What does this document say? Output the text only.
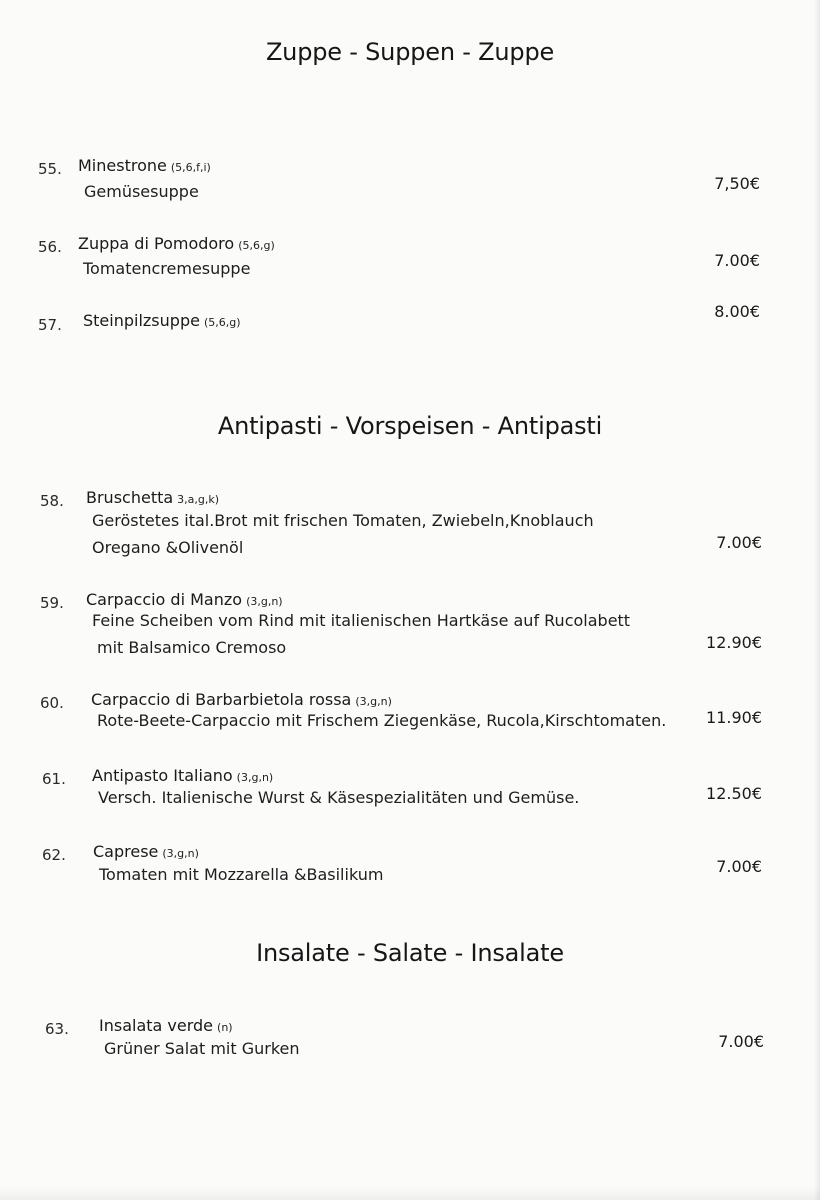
Zuppe - Suppen - Zuppe
55. Minestrone (5,6,f,i)
Gemüsesuppe	7,50€
56. Zuppa di Pomodoro (5,6,g)
Tomatencremesuppe	7.00€
57. Steinpilzsuppe (5,6,g)
8.00€
Antipasti - Vorspeisen - Antipasti
58. Bruschetta 3,a,g,k)
Geröstetes ital.Brot mit frischen Tomaten, Zwiebeln,Knoblauch
Oregano &Olivenöl	7.00€
59. Carpaccio di Manzo (3,g,n)
Feine Scheiben vom Rind mit italienischen Hartkäse auf Rucolabett
mit Balsamico Cremoso	12.90€
60. Carpaccio di Barbarbietola rossa (3,g,n)
Rote-Beete-Carpaccio mit Frischem Ziegenkäse, Rucola,Kirschtomaten.	11.90€
61. Antipasto Italiano (3,g,n)
Versch. Italienische Wurst & Käsespezialitäten und Gemüse.	12.50€
62. Caprese (3,g,n)
Tomaten mit Mozzarella &Basilikum	7.00€
Insalate - Salate - Insalate
63. Insalata verde (n)
Grüner Salat mit Gurken	7.00€
